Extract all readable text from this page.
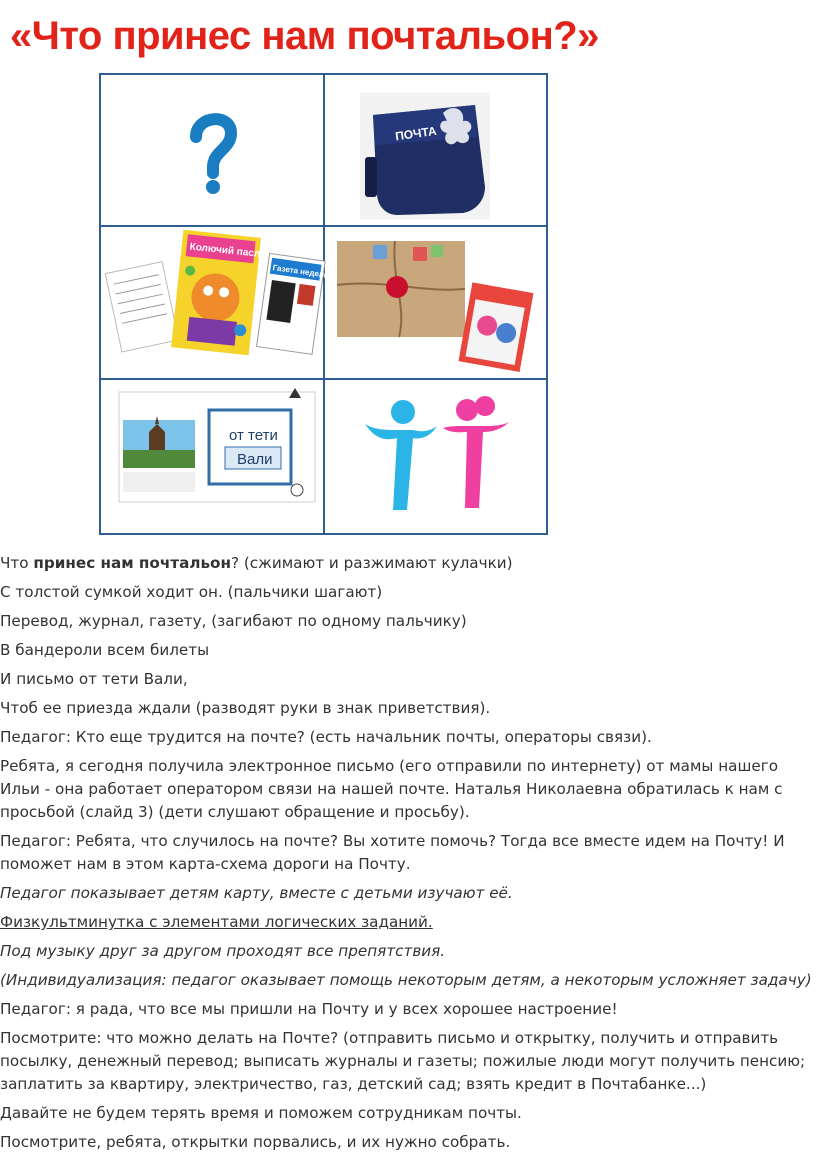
«Что принес нам почтальон?»
ПОЧТА
Колючий пасл
Газета недели
от тети
Вали

Что принес нам почтальон? (сжимают и разжимают кулачки)

С толстой сумкой ходит он. (пальчики шагают)

Перевод, журнал, газету, (загибают по одному пальчику)

В бандероли всем билеты

И письмо от тети Вали,

Чтоб ее приезда ждали (разводят руки в знак приветствия).

Педагог: Кто еще трудится на почте? (есть начальник почты, операторы связи).

Ребята, я сегодня получила электронное письмо (его отправили по интернету) от мамы нашего Ильи - она работает оператором связи на нашей почте. Наталья Николаевна обратилась к нам с просьбой (слайд 3) (дети слушают обращение и просьбу).

Педагог: Ребята, что случилось на почте? Вы хотите помочь? Тогда все вместе идем на Почту! И поможет нам в этом карта-схема дороги на Почту.

Педагог показывает детям карту, вместе с детьми изучают её.

Физкультминутка с элементами логических заданий.

Под музыку друг за другом проходят все препятствия.

(Индивидуализация: педагог оказывает помощь некоторым детям, а некоторым усложняет задачу)

Педагог: я рада, что все мы пришли на Почту и у всех хорошее настроение!

Посмотрите: что можно делать на Почте? (отправить письмо и открытку, получить и отправить посылку, денежный перевод; выписать журналы и газеты; пожилые люди могут получить пенсию; заплатить за квартиру, электричество, газ, детский сад; взять кредит в Почтабанке...)

Давайте не будем терять время и поможем сотрудникам почты.

Посмотрите, ребята, открытки порвались, и их нужно собрать.
